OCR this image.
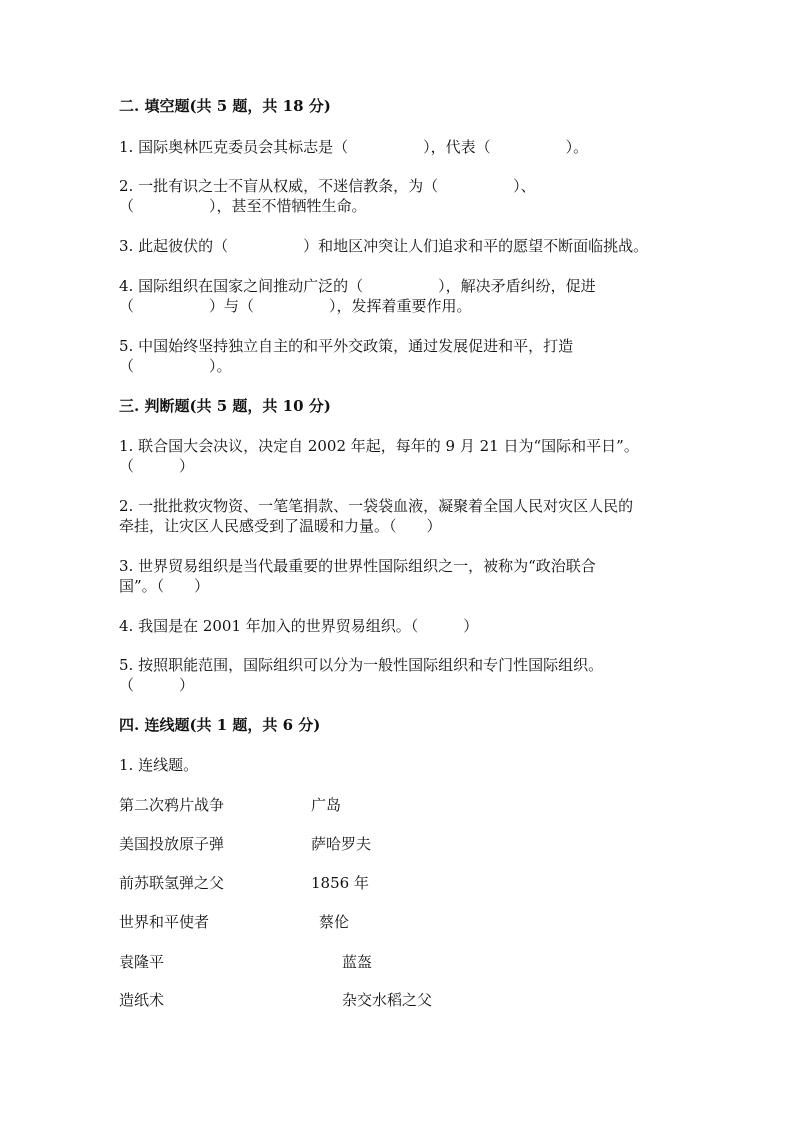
二. 填空题(共 5 题，共 18 分)
1. 国际奥林匹克委员会其标志是（　　　　　），代表（　　　　　）。
2. 一批有识之士不盲从权威，不迷信教条，为（　　　　　）、
（　　　　　），甚至不惜牺牲生命。
3. 此起彼伏的（　　　　　）和地区冲突让人们追求和平的愿望不断面临挑战。
4. 国际组织在国家之间推动广泛的（　　　　　），解决矛盾纠纷，促进
（　　　　　）与（　　　　　），发挥着重要作用。
5. 中国始终坚持独立自主的和平外交政策，通过发展促进和平，打造
（　　　　　）。
三. 判断题(共 5 题，共 10 分)
1. 联合国大会决议，决定自 2002 年起，每年的 9 月 21 日为“国际和平日”。
（　　　）
2. 一批批救灾物资、一笔笔捐款、一袋袋血液，凝聚着全国人民对灾区人民的
牵挂，让灾区人民感受到了温暖和力量。（　　）
3. 世界贸易组织是当代最重要的世界性国际组织之一，被称为“政治联合
国”。（　　）
4. 我国是在 2001 年加入的世界贸易组织。（　　　）
5. 按照职能范围，国际组织可以分为一般性国际组织和专门性国际组织。
（　　　）
四. 连线题(共 1 题，共 6 分)
1. 连线题。
第二次鸦片战争	广岛
美国投放原子弹	萨哈罗夫
前苏联氢弹之父	1856 年
世界和平使者	蔡伦
袁隆平	蓝盔
造纸术	杂交水稻之父
